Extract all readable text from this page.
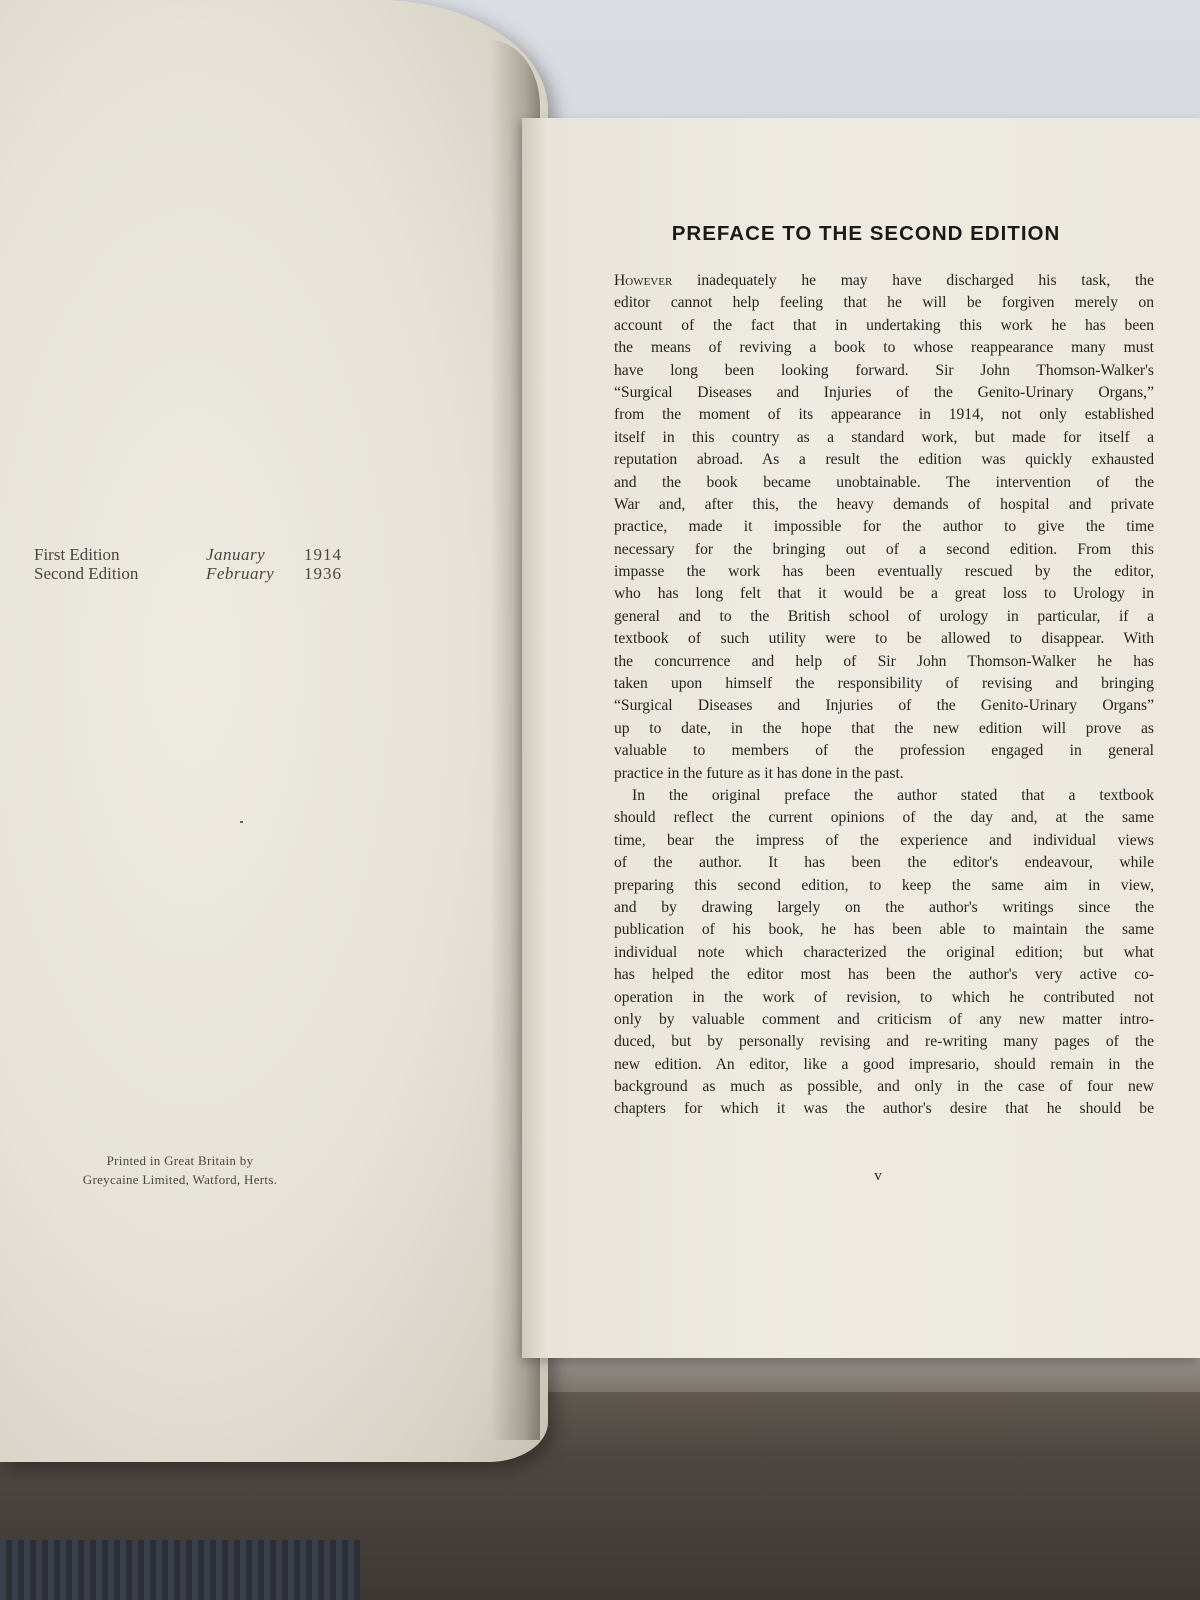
First Edition	January 1914
Second Edition	February 1936
Printed in Great Britain by
Greycaine Limited, Watford, Herts.
PREFACE TO THE SECOND EDITION
However inadequately he may have discharged his task, the
editor cannot help feeling that he will be forgiven merely on
account of the fact that in undertaking this work he has been
the means of reviving a book to whose reappearance many must
have long been looking forward. Sir John Thomson-Walker's
“Surgical Diseases and Injuries of the Genito-Urinary Organs,”
from the moment of its appearance in 1914, not only established
itself in this country as a standard work, but made for itself a
reputation abroad. As a result the edition was quickly exhausted
and the book became unobtainable. The intervention of the
War and, after this, the heavy demands of hospital and private
practice, made it impossible for the author to give the time
necessary for the bringing out of a second edition. From this
impasse the work has been eventually rescued by the editor,
who has long felt that it would be a great loss to Urology in
general and to the British school of urology in particular, if a
textbook of such utility were to be allowed to disappear. With
the concurrence and help of Sir John Thomson-Walker he has
taken upon himself the responsibility of revising and bringing
“Surgical Diseases and Injuries of the Genito-Urinary Organs”
up to date, in the hope that the new edition will prove as
valuable to members of the profession engaged in general
practice in the future as it has done in the past.
In the original preface the author stated that a textbook
should reflect the current opinions of the day and, at the same
time, bear the impress of the experience and individual views
of the author. It has been the editor's endeavour, while
preparing this second edition, to keep the same aim in view,
and by drawing largely on the author's writings since the
publication of his book, he has been able to maintain the same
individual note which characterized the original edition; but what
has helped the editor most has been the author's very active co-
operation in the work of revision, to which he contributed not
only by valuable comment and criticism of any new matter intro-
duced, but by personally revising and re-writing many pages of the
new edition. An editor, like a good impresario, should remain in the
background as much as possible, and only in the case of four new
chapters for which it was the author's desire that he should be
v
